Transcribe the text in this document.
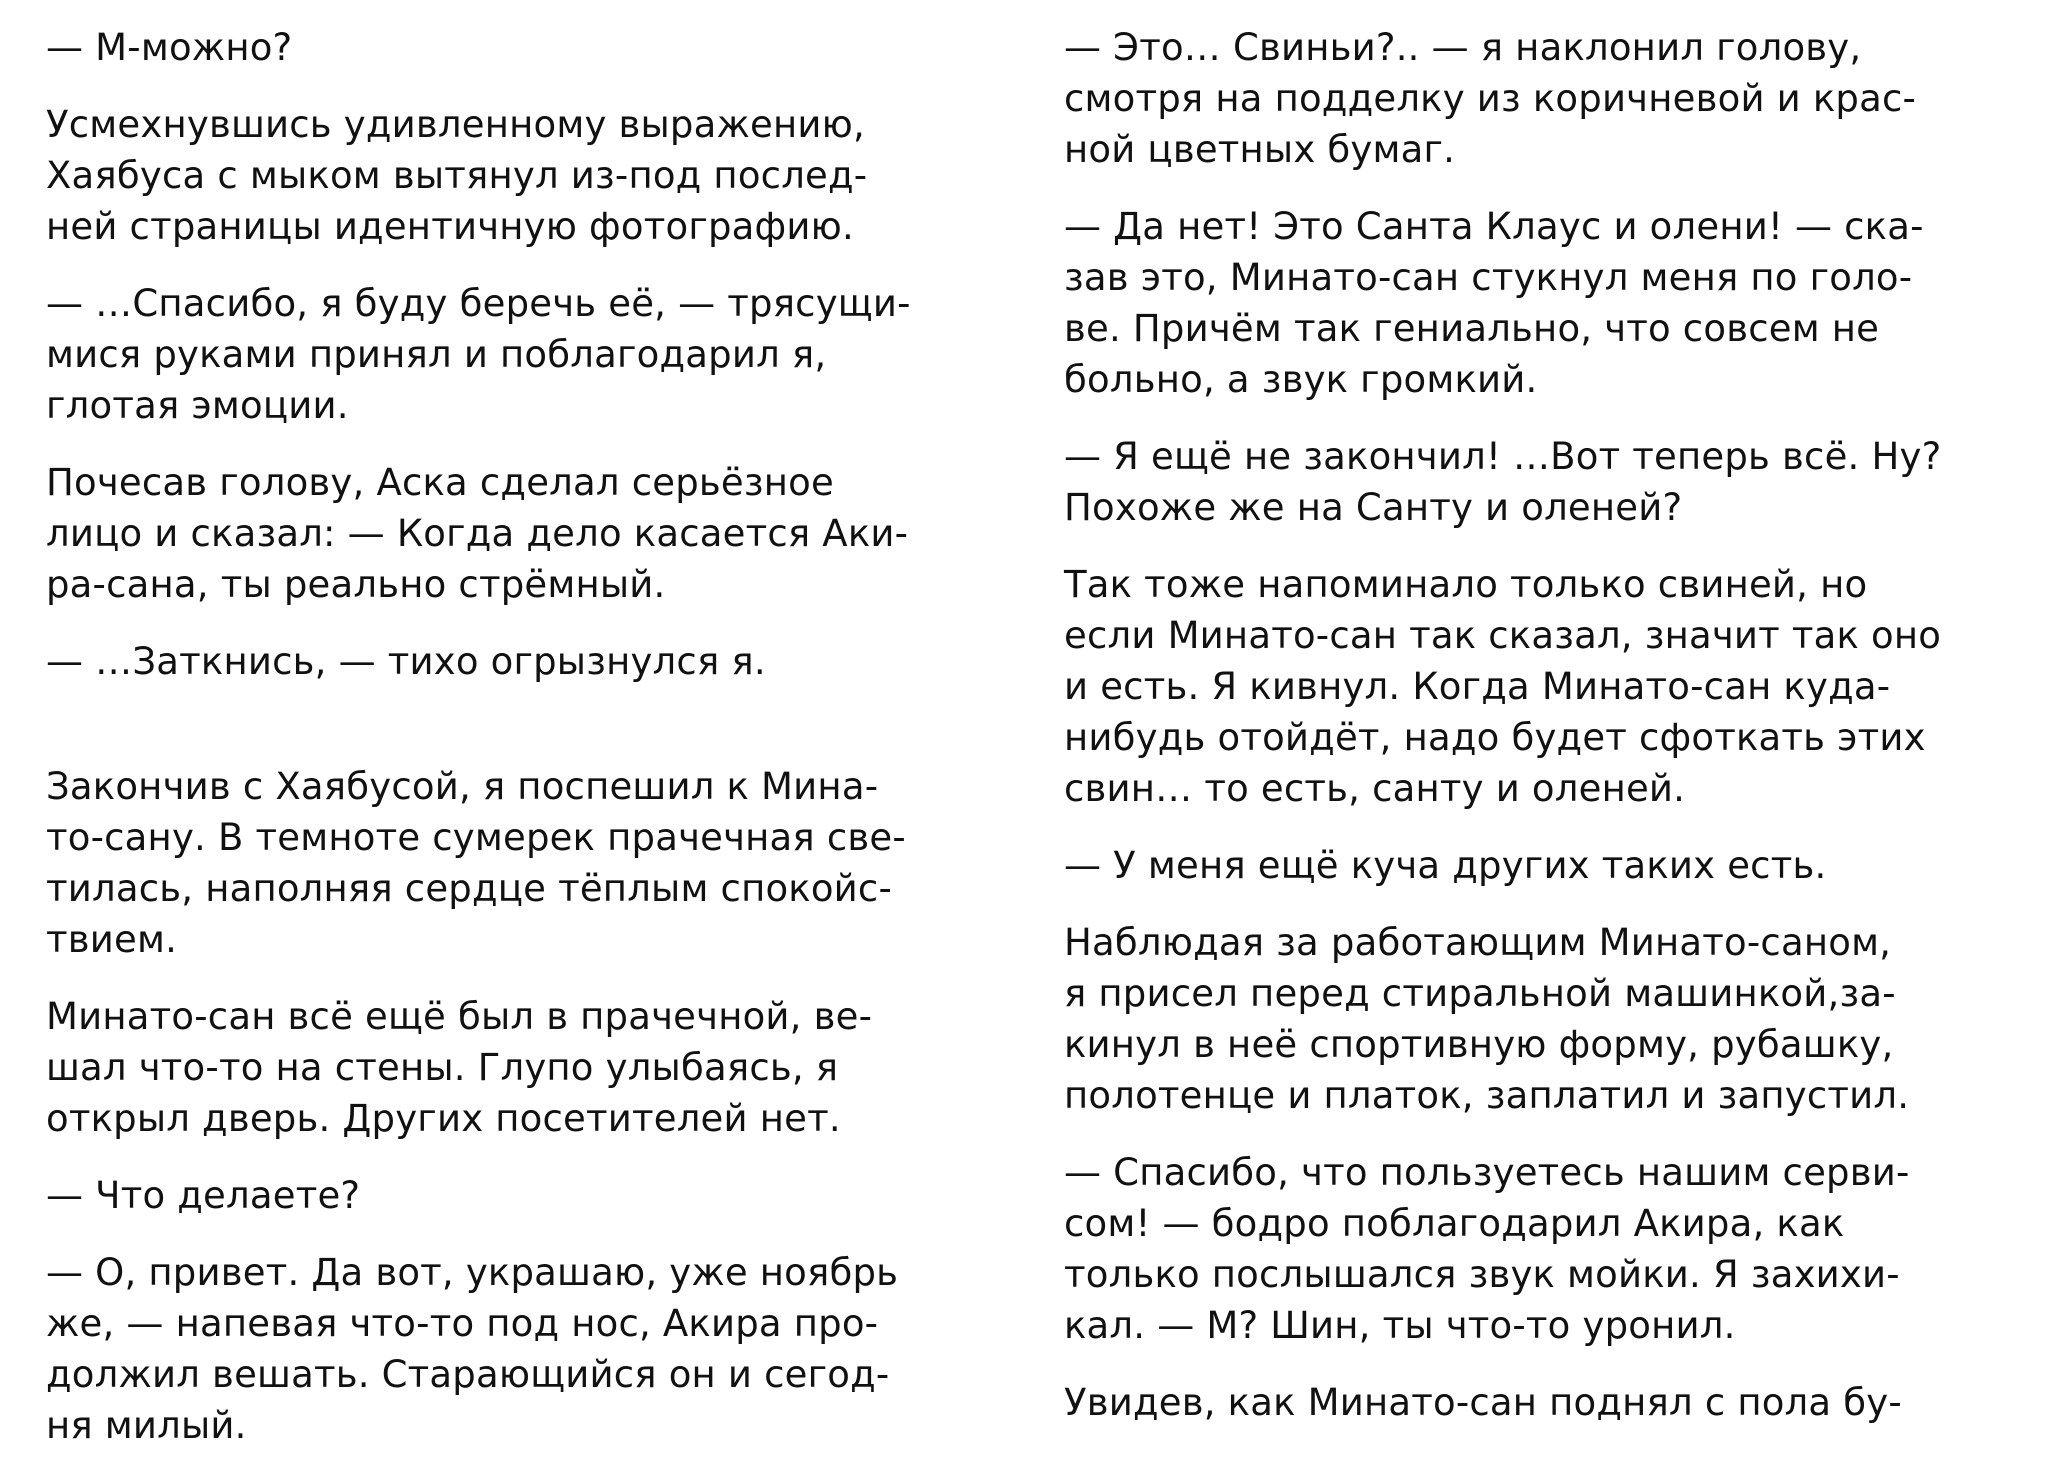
— М-можно?
Усмехнувшись удивленному выражению,
Хаябуса с мыком вытянул из-под послед-
ней страницы идентичную фотографию.
— …Спасибо, я буду беречь её, — трясущи-
мися руками принял и поблагодарил я,
глотая эмоции.
Почесав голову, Аска сделал серьёзное
лицо и сказал: — Когда дело касается Аки-
ра-сана, ты реально стрёмный.
— …Заткнись, — тихо огрызнулся я.
Закончив с Хаябусой, я поспешил к Мина-
то-сану. В темноте сумерек прачечная све-
тилась, наполняя сердце тёплым спокойс-
твием.
Минато-сан всё ещё был в прачечной, ве-
шал что-то на стены. Глупо улыбаясь, я
открыл дверь. Других посетителей нет.
— Что делаете?
— О, привет. Да вот, украшаю, уже ноябрь
же, — напевая что-то под нос, Акира про-
должил вешать. Старающийся он и сегод-
ня милый.
— Это… Свиньи?.. — я наклонил голову,
смотря на подделку из коричневой и крас-
ной цветных бумаг.
— Да нет! Это Санта Клаус и олени! — ска-
зав это, Минато-сан стукнул меня по голо-
ве. Причём так гениально, что совсем не
больно, а звук громкий.
— Я ещё не закончил! …Вот теперь всё. Ну?
Похоже же на Санту и оленей?
Так тоже напоминало только свиней, но
если Минато-сан так сказал, значит так оно
и есть. Я кивнул. Когда Минато-сан куда-
нибудь отойдёт, надо будет сфоткать этих
свин… то есть, санту и оленей.
— У меня ещё куча других таких есть.
Наблюдая за работающим Минато-саном,
я присел перед стиральной машинкой,за-
кинул в неё спортивную форму, рубашку,
полотенце и платок, заплатил и запустил.
— Спасибо, что пользуетесь нашим серви-
сом! — бодро поблагодарил Акира, как
только послышался звук мойки. Я захихи-
кал. — М? Шин, ты что-то уронил.
Увидев, как Минато-сан поднял с пола бу-
